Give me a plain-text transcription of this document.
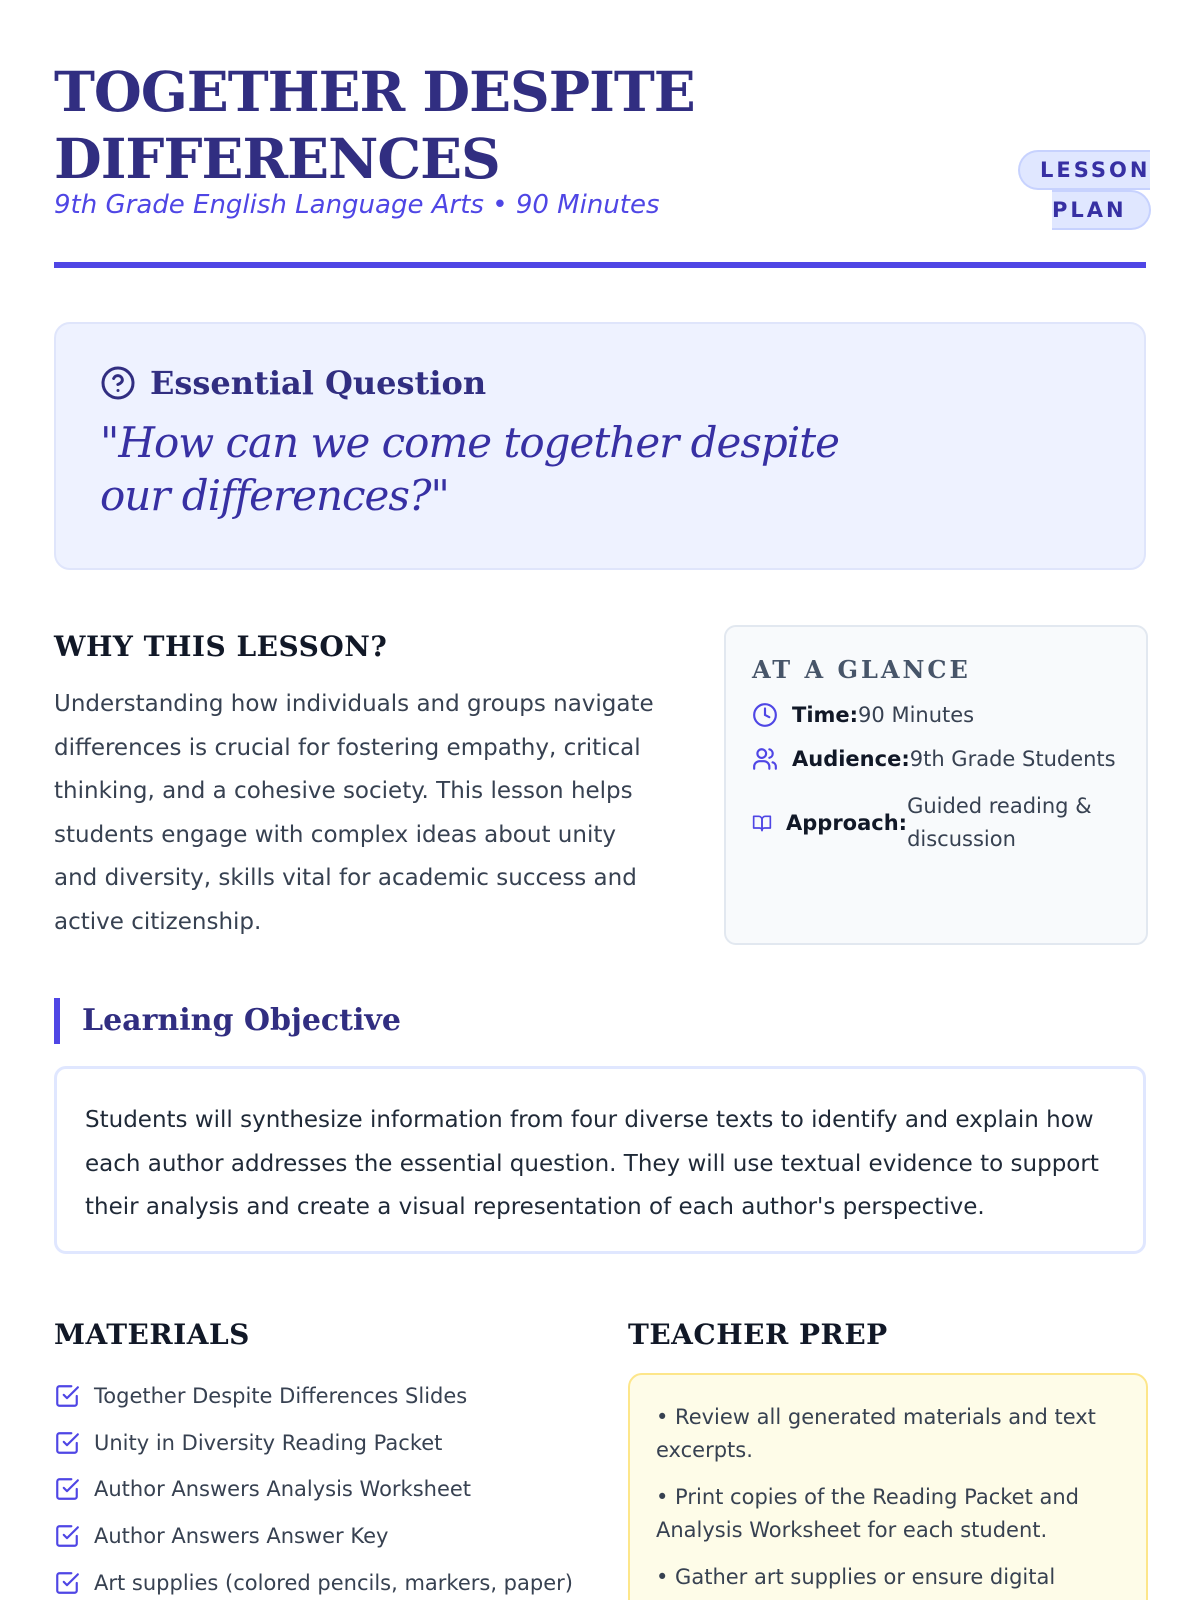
TOGETHER DESPITE
DIFFERENCES
9th Grade English Language Arts • 90 Minutes
LESSON PLAN
Essential Question

"How can we come together despite our differences?"

WHY THIS LESSON?

Understanding how individuals and groups navigate differences is crucial for fostering empathy, critical thinking, and a cohesive society. This lesson helps students engage with complex ideas about unity and diversity, skills vital for academic success and active citizenship.

AT A GLANCE
Time: 90 Minutes
Audience: 9th Grade Students
Approach:
Guided reading & discussion
Learning Objective

Students will synthesize information from four diverse texts to identify and explain how each author addresses the essential question. They will use textual evidence to support their analysis and create a visual representation of each author's perspective.

MATERIALS
Together Despite Differences Slides
Unity in Diversity Reading Packet
Author Answers Analysis Worksheet
Author Answers Answer Key
Art supplies (colored pencils, markers, paper)
TEACHER PREP

• Review all generated materials and text excerpts.

• Print copies of the Reading Packet and Analysis Worksheet for each student.

• Gather art supplies or ensure digital
